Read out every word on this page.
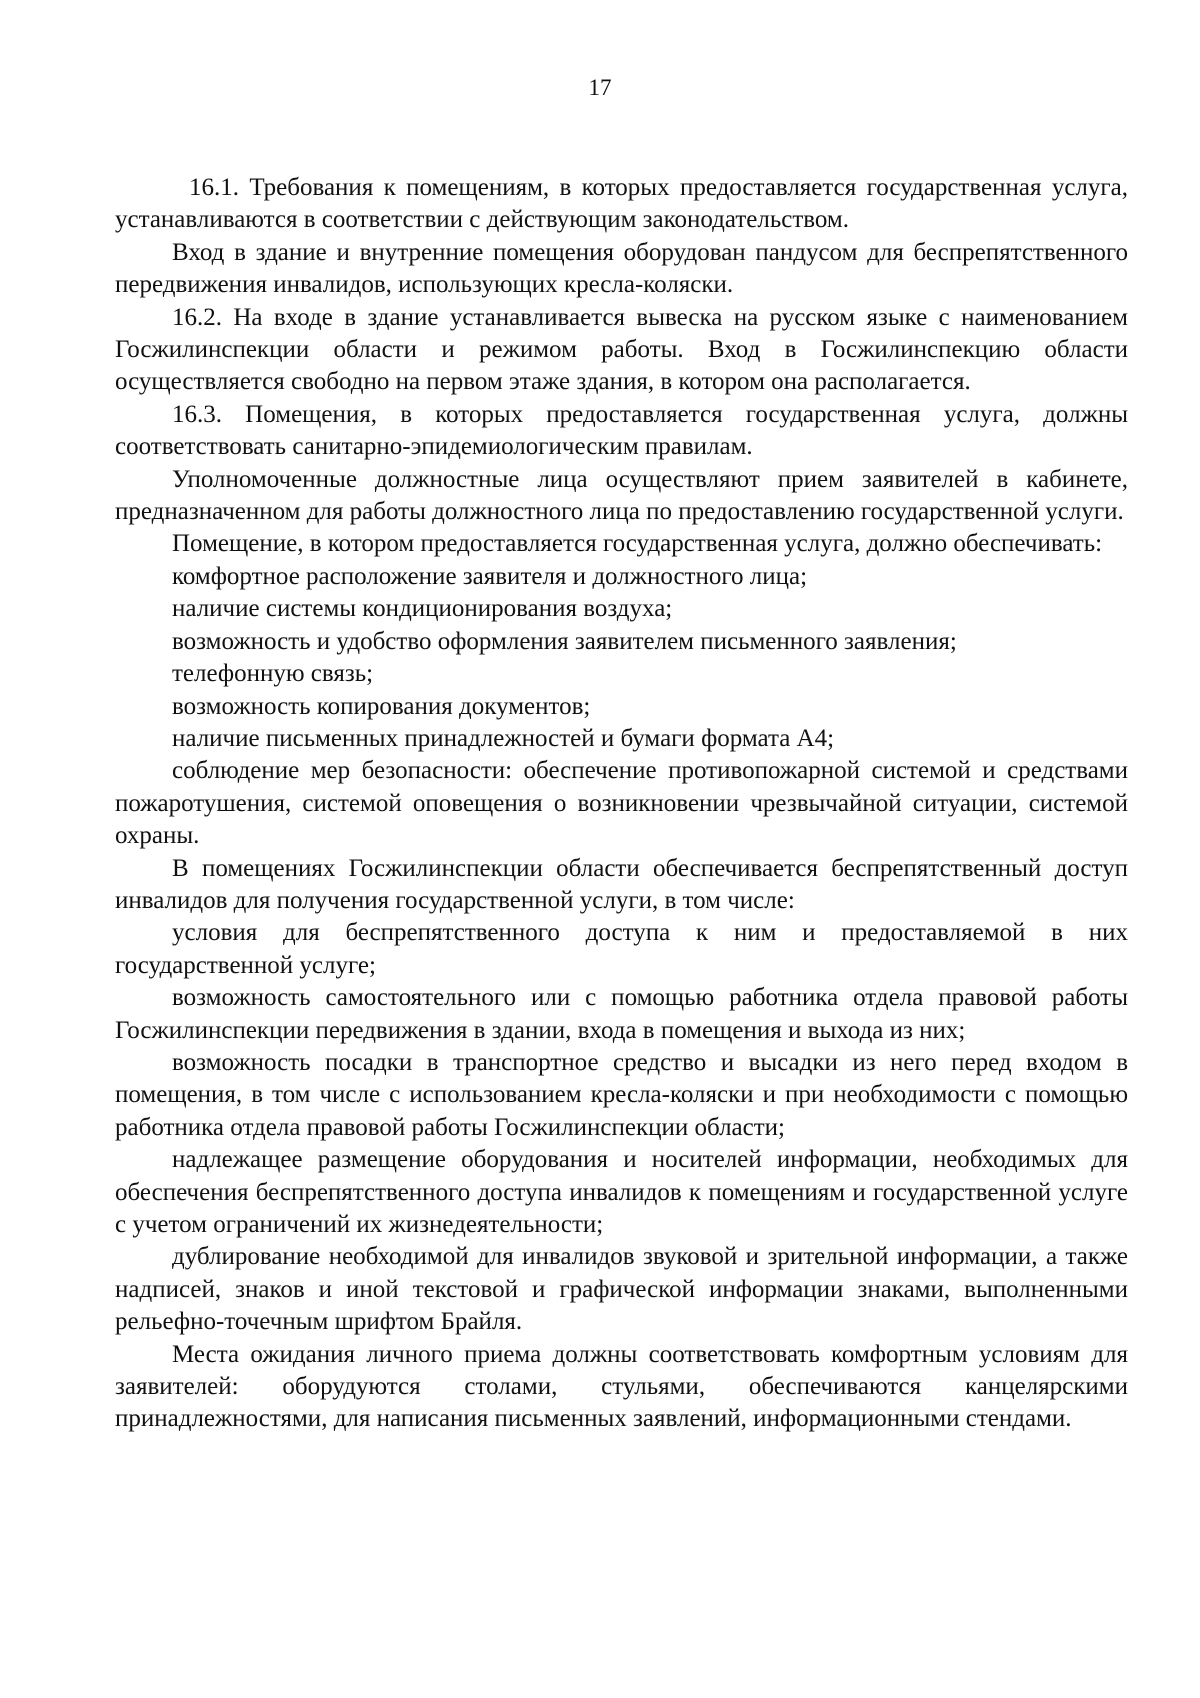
17

16.1. Требования к помещениям, в которых предоставляется государственная услуга, устанавливаются в соответствии с действующим законодательством.

Вход в здание и внутренние помещения оборудован пандусом для беспрепятственного передвижения инвалидов, использующих кресла-коляски.

16.2. На входе в здание устанавливается вывеска на русском языке с наименованием Госжилинспекции области и режимом работы. Вход в Госжилинспекцию области осуществляется свободно на первом этаже здания, в котором она располагается.

16.3. Помещения, в которых предоставляется государственная услуга, должны соответствовать санитарно-эпидемиологическим правилам.

Уполномоченные должностные лица осуществляют прием заявителей в кабинете, предназначенном для работы должностного лица по предоставлению государственной услуги.

Помещение, в котором предоставляется государственная услуга, должно обеспечивать:

комфортное расположение заявителя и должностного лица;

наличие системы кондиционирования воздуха;

возможность и удобство оформления заявителем письменного заявления;

телефонную связь;

возможность копирования документов;

наличие письменных принадлежностей и бумаги формата А4;

соблюдение мер безопасности: обеспечение противопожарной системой и средствами пожаротушения, системой оповещения о возникновении чрезвычайной ситуации, системой охраны.

В помещениях Госжилинспекции области обеспечивается беспрепятственный доступ инвалидов для получения государственной услуги, в том числе:

условия для беспрепятственного доступа к ним и предоставляемой в них государственной услуге;

возможность самостоятельного или с помощью работника отдела правовой работы Госжилинспекции передвижения в здании, входа в помещения и выхода из них;

возможность посадки в транспортное средство и высадки из него перед входом в помещения, в том числе с использованием кресла-коляски и при необходимости с помощью работника отдела правовой работы Госжилинспекции области;

надлежащее размещение оборудования и носителей информации, необходимых для обеспечения беспрепятственного доступа инвалидов к помещениям и государственной услуге с учетом ограничений их жизнедеятельности;

дублирование необходимой для инвалидов звуковой и зрительной информации, а также надписей, знаков и иной текстовой и графической информации знаками, выполненными рельефно-точечным шрифтом Брайля.

Места ожидания личного приема должны соответствовать комфортным условиям для заявителей: оборудуются столами, стульями, обеспечиваются канцелярскими принадлежностями, для написания письменных заявлений, информационными стендами.
